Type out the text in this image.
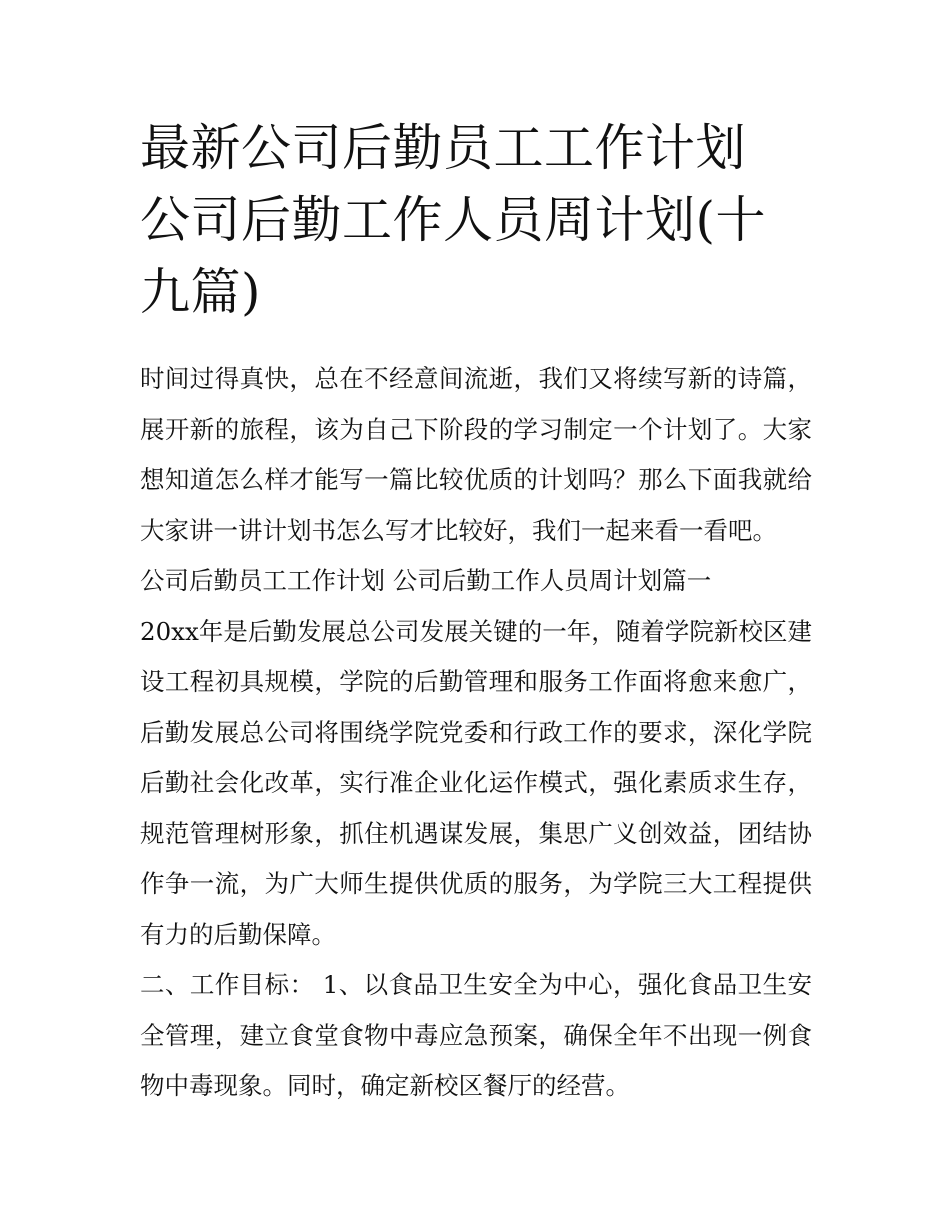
最新公司后勤员工工作计划 公司后勤工作人员周计划(十九篇)

时间过得真快，总在不经意间流逝，我们又将续写新的诗篇，展开新的旅程，该为自己下阶段的学习制定一个计划了。大家想知道怎么样才能写一篇比较优质的计划吗？那么下面我就给大家讲一讲计划书怎么写才比较好，我们一起来看一看吧。

公司后勤员工工作计划 公司后勤工作人员周计划篇一

20xx年是后勤发展总公司发展关键的一年，随着学院新校区建设工程初具规模，学院的后勤管理和服务工作面将愈来愈广，后勤发展总公司将围绕学院党委和行政工作的要求，深化学院后勤社会化改革，实行准企业化运作模式，强化素质求生存，规范管理树形象，抓住机遇谋发展，集思广义创效益，团结协作争一流，为广大师生提供优质的服务，为学院三大工程提供有力的后勤保障。

二、工作目标： 1、以食品卫生安全为中心，强化食品卫生安全管理，建立食堂食物中毒应急预案，确保全年不出现一例食物中毒现象。同时，确定新校区餐厅的经营。
